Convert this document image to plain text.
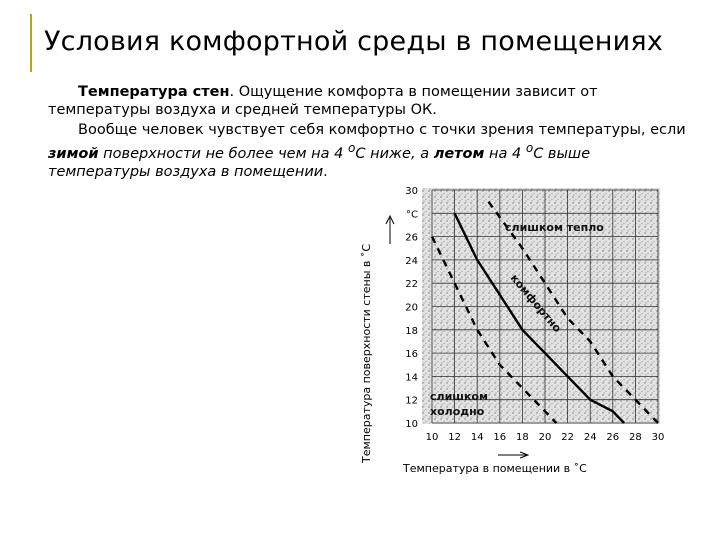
Условия комфортной среды в помещениях
Температура стен. Ощущение комфорта в помещении зависит от температуры воздуха и средней температуры ОК.
Вообще человек чувствует себя комфортно с точки зрения температуры, если зимой поверхности не более чем на 4 $^о$С ниже, а летом на 4 $^о$С выше температуры воздуха в помещении.
10 12 14 16 18 20 22 24 26 28 30
30
°C
26
24
22
20
18
16
14
12
10
слишком тепло
комфортно
слишком
холодно
Температура поверхности стены в ˚С
Температура в помещении в ˚С
